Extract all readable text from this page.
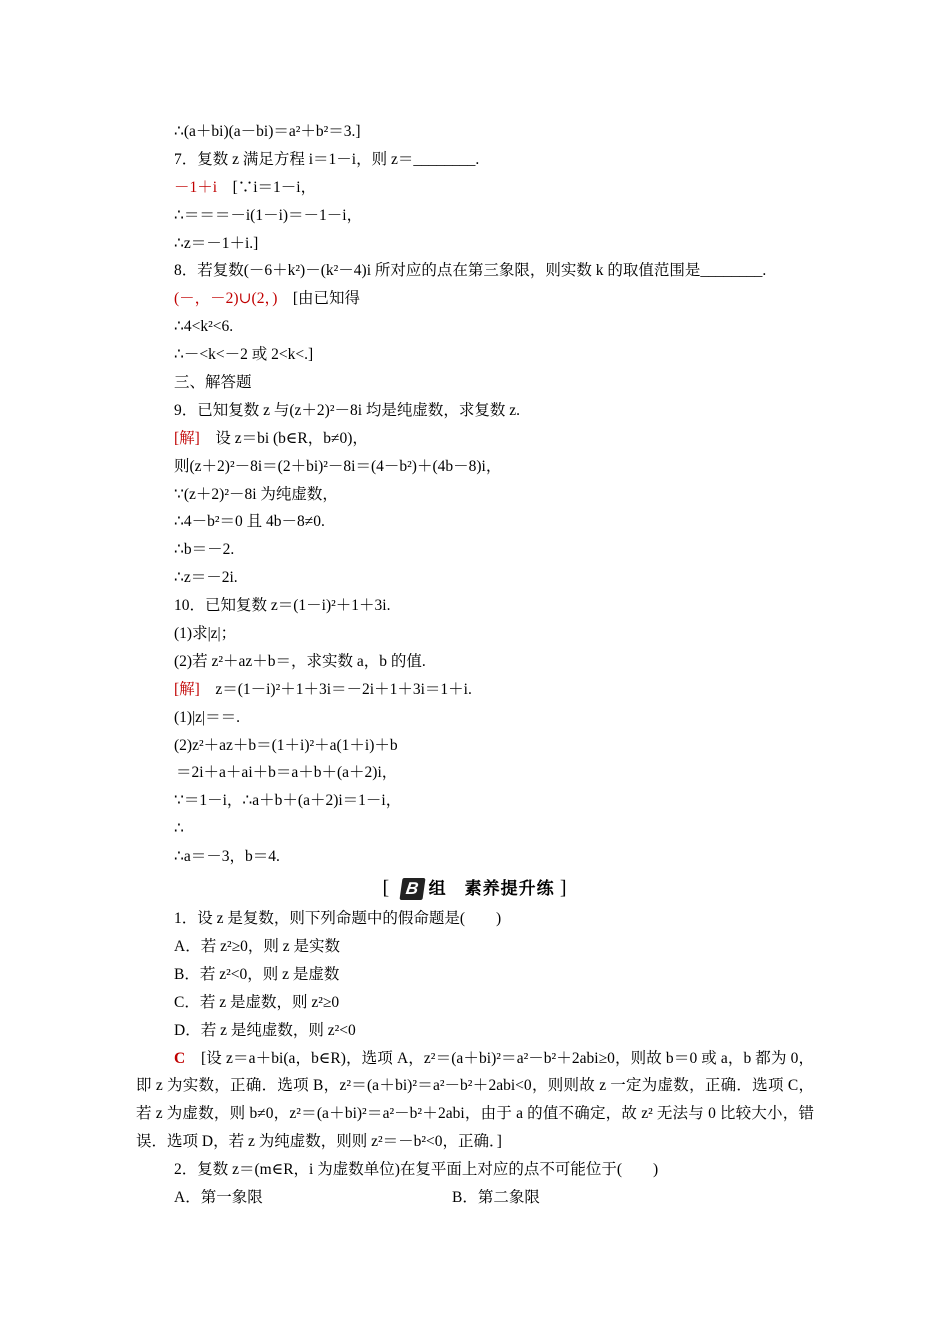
∴(a＋bi)(a－bi)＝a²＋b²＝3.]
7．复数 z 满足方程 i＝1－i，则 z＝________.
－1＋i　[∵i＝1－i，
∴＝＝＝－i(1－i)＝－1－i，
∴z＝－1＋i.]
8．若复数(－6＋k²)－(k²－4)i 所对应的点在第三象限，则实数 k 的取值范围是________.
(－，－2)∪(2，)　[由已知得
∴4<k²<6.
∴－<k<－2 或 2<k<.]
三、解答题
9．已知复数 z 与(z＋2)²－8i 均是纯虚数，求复数 z.
[解]　设 z＝bi (b∈R，b≠0)，
则(z＋2)²－8i＝(2＋bi)²－8i＝(4－b²)＋(4b－8)i，
∵(z＋2)²－8i 为纯虚数，
∴4－b²＝0 且 4b－8≠0.
∴b＝－2.
∴z＝－2i.
10．已知复数 z＝(1－i)²＋1＋3i.
(1)求|z|；
(2)若 z²＋az＋b＝，求实数 a，b 的值.
[解]　z＝(1－i)²＋1＋3i＝－2i＋1＋3i＝1＋i.
(1)|z|＝＝.
(2)z²＋az＋b＝(1＋i)²＋a(1＋i)＋b
＝2i＋a＋ai＋b＝a＋b＋(a＋2)i，
∵＝1－i，∴a＋b＋(a＋2)i＝1－i，
∴
∴a＝－3，b＝4.
[ B 组　素养提升练 ]
1．设 z 是复数，则下列命题中的假命题是(　　)
A．若 z²≥0，则 z 是实数
B．若 z²<0，则 z 是虚数
C．若 z 是虚数，则 z²≥0
D．若 z 是纯虚数，则 z²<0
C　[设 z＝a＋bi(a，b∈R)，选项 A，z²＝(a＋bi)²＝a²－b²＋2abi≥0，则故 b＝0 或 a，b 都为 0，即 z 为实数，正确．选项 B，z²＝(a＋bi)²＝a²－b²＋2abi<0，则则故 z 一定为虚数，正确．选项 C，若 z 为虚数，则 b≠0，z²＝(a＋bi)²＝a²－b²＋2abi，由于 a 的值不确定，故 z² 无法与 0 比较大小，错误．选项 D，若 z 为纯虚数，则则 z²＝－b²<0，正确．]
2．复数 z＝(m∈R，i 为虚数单位)在复平面上对应的点不可能位于(　　)
A．第一象限	B．第二象限
